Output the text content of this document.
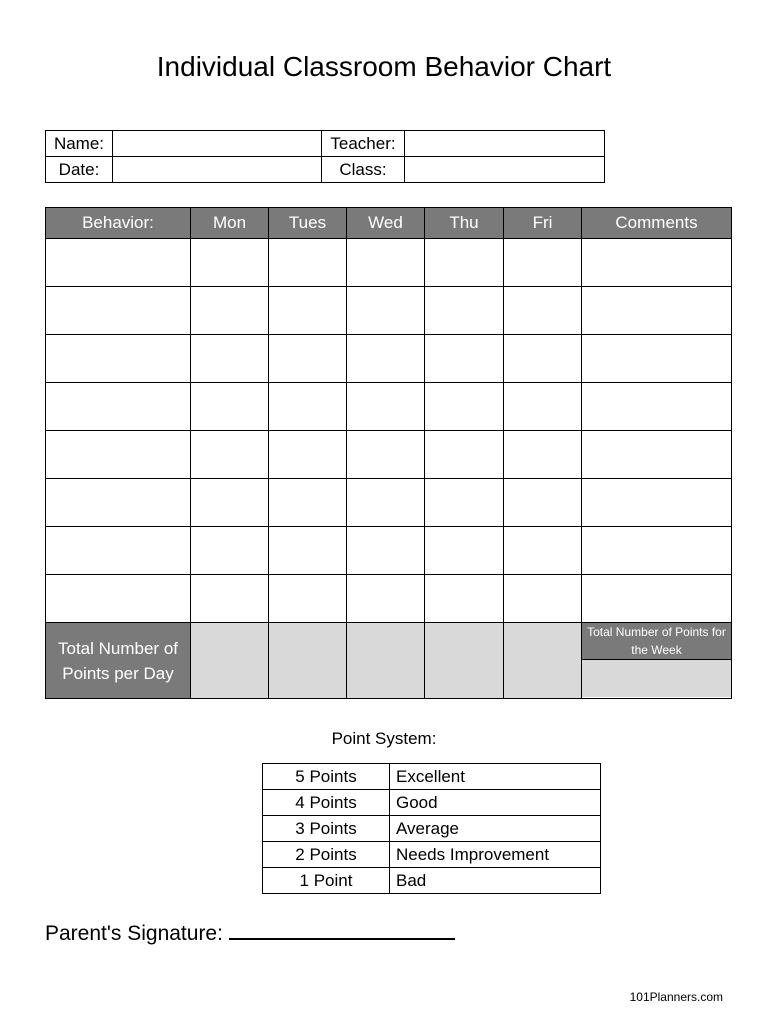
Individual Classroom Behavior Chart
Name:		Teacher:	
Date:		Class:	
Behavior:	Mon	Tues	Wed	Thu	Fri	Comments

Total Number of Points per Day						Total Number of Points for the Week
Point System:
5 Points	Excellent
4 Points	Good
3 Points	Average
2 Points	Needs Improvement
1 Point	Bad
Parent's Signature:
101Planners.com
